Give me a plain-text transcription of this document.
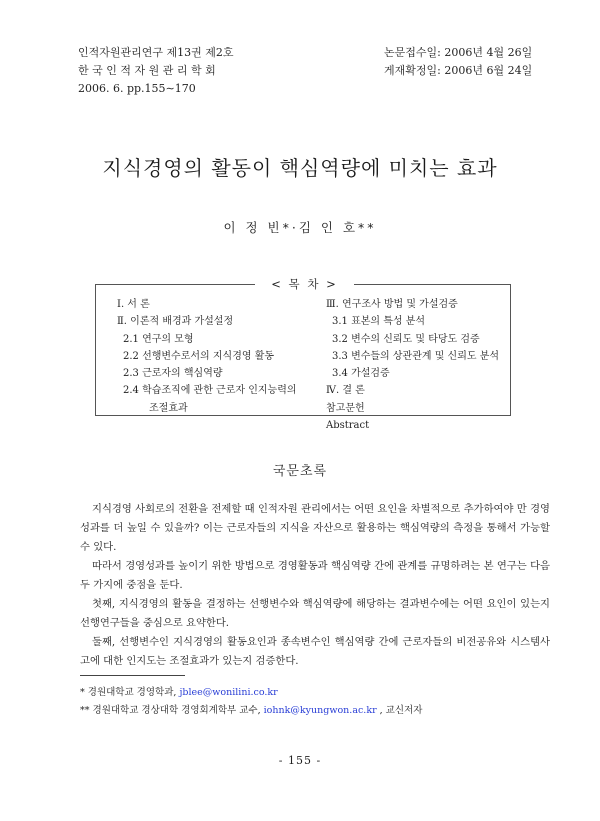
인적자원관리연구 제13권 제2호
한 국 인 적 자 원 관 리 학 회
2006. 6. pp.155∼170
논문접수일: 2006년 4월 26일
게재확정일: 2006년 6월 24일
지식경영의 활동이 핵심역량에 미치는 효과
이 정 빈*·김 인 호**
< 목 차 >
Ⅰ. 서 론
Ⅱ. 이론적 배경과 가설설정
2.1 연구의 모형
2.2 선행변수로서의 지식경영 활동
2.3 근로자의 핵심역량
2.4 학습조직에 관한 근로자 인지능력의
조절효과
Ⅲ. 연구조사 방법 및 가설검증
3.1 표본의 특성 분석
3.2 변수의 신뢰도 및 타당도 검증
3.3 변수들의 상관관계 및 신뢰도 분석
3.4 가설검증
Ⅳ. 결 론
참고문헌
Abstract
국문초록

지식경영 사회로의 전환을 전제할 때 인적자원 관리에서는 어떤 요인을 차별적으로 추가하여야 만 경영성과를 더 높일 수 있을까? 이는 근로자들의 지식을 자산으로 활용하는 핵심역량의 측정을 통해서 가능할 수 있다.

따라서 경영성과를 높이기 위한 방법으로 경영활동과 핵심역량 간에 관계를 규명하려는 본 연구는 다음 두 가지에 중점을 둔다.

첫째, 지식경영의 활동을 결정하는 선행변수와 핵심역량에 해당하는 결과변수에는 어떤 요인이 있는지 선행연구들을 중심으로 요약한다.

둘째, 선행변수인 지식경영의 활동요인과 종속변수인 핵심역량 간에 근로자들의 비전공유와 시스템사고에 대한 인지도는 조절효과가 있는지 검증한다.

* 경원대학교 경영학과, jblee@wonilini.co.kr
** 경원대학교 경상대학 경영회계학부 교수, iohnk@kyungwon.ac.kr , 교신저자
- 155 -
